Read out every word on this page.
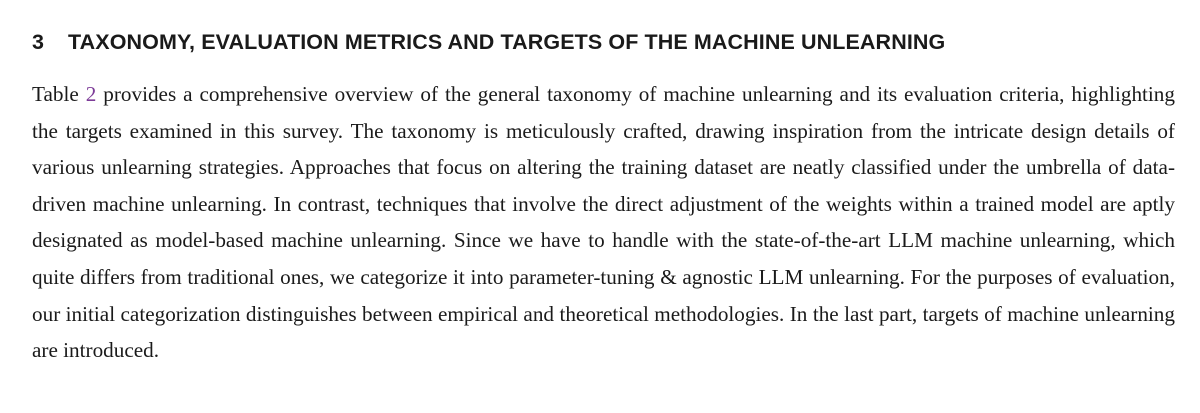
3 TAXONOMY, EVALUATION METRICS AND TARGETS OF THE MACHINE UNLEARNING

Table 2 provides a comprehensive overview of the general taxonomy of machine unlearning and its evaluation criteria, highlighting the targets examined in this survey. The taxonomy is meticulously crafted, drawing inspiration from the intricate design details of various unlearning strategies. Approaches that focus on altering the training dataset are neatly classified under the umbrella of data-driven machine unlearning. In contrast, techniques that involve the direct adjustment of the weights within a trained model are aptly designated as model-based machine unlearning. Since we have to handle with the state-of-the-art LLM machine unlearning, which quite differs from traditional ones, we categorize it into parameter-tuning & agnostic LLM unlearning. For the purposes of evaluation, our initial categorization distinguishes between empirical and theoretical methodologies. In the last part, targets of machine unlearning are introduced.
